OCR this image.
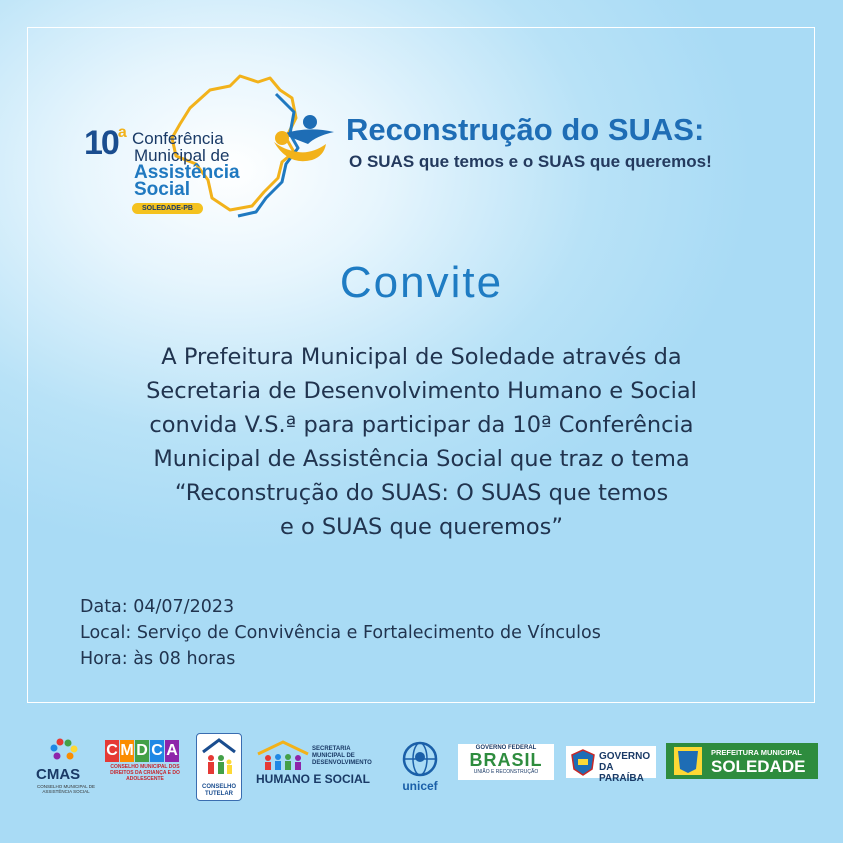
10$^a$ Conferência
Municipal de
Assistência
Social
SOLEDADE-PB
Reconstrução do SUAS:
O SUAS que temos e o SUAS que queremos!
Convite
A Prefeitura Municipal de Soledade através da
Secretaria de Desenvolvimento Humano e Social
convida V.S.ª para participar da 10ª Conferência
Municipal de Assistência Social que traz o tema
“Reconstrução do SUAS: O SUAS que temos
e o SUAS que queremos”
Data: 04/07/2023
Local: Serviço de Convivência e Fortalecimento de Vínculos
Hora: às 08 horas
CMAS
CONSELHO MUNICIPAL DE ASSISTÊNCIA SOCIAL
C M D C A
CONSELHO MUNICIPAL DOS DIREITOS DA CRIANÇA E DO ADOLESCENTE
CONSELHO TUTELAR
SECRETARIA MUNICIPAL DE DESENVOLVIMENTO
HUMANO E SOCIAL	unicef
GOVERNO FEDERAL
BRASIL
UNIÃO E RECONSTRUÇÃO
GOVERNO
DA PARAÍBA
PREFEITURA MUNICIPAL
SOLEDADE
